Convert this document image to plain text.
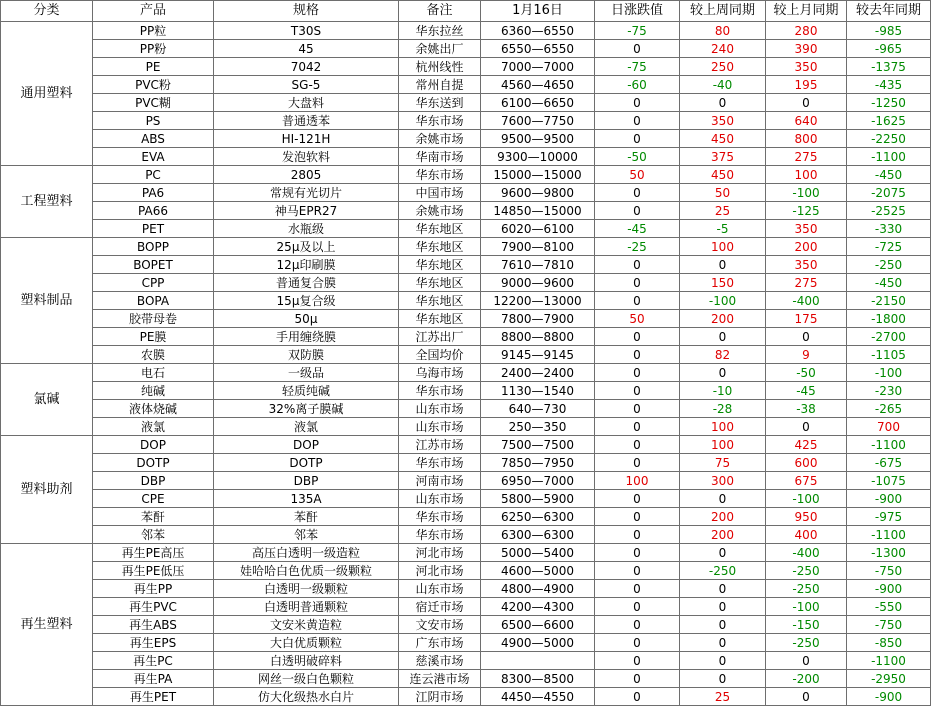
分类	产品	规格	备注	1月16日	日涨跌值	较上周同期	较上月同期	较去年同期
通用塑料	PP粒	T30S	华东拉丝	6360—6550	-75	80	280	-985
	PP粉	45	余姚出厂	6550—6550	0	240	390	-965
	PE	7042	杭州线性	7000—7000	-75	250	350	-1375
	PVC粉	SG-5	常州自提	4560—4650	-60	-40	195	-435
	PVC糊	大盘料	华东送到	6100—6650	0	0	0	-1250
	PS	普通透苯	华东市场	7600—7750	0	350	640	-1625
	ABS	HI-121H	余姚市场	9500—9500	0	450	800	-2250
	EVA	发泡软料	华南市场	9300—10000	-50	375	275	-1100
工程塑料	PC	2805	华东市场	15000—15000	50	450	100	-450
	PA6	常规有光切片	中国市场	9600—9800	0	50	-100	-2075
	PA66	神马EPR27	余姚市场	14850—15000	0	25	-125	-2525
	PET	水瓶级	华东地区	6020—6100	-45	-5	350	-330
塑料制品	BOPP	25μ及以上	华东地区	7900—8100	-25	100	200	-725
	BOPET	12μ印刷膜	华东地区	7610—7810	0	0	350	-250
	CPP	普通复合膜	华东地区	9000—9600	0	150	275	-450
	BOPA	15μ复合级	华东地区	12200—13000	0	-100	-400	-2150
	胶带母卷	50μ	华东地区	7800—7900	50	200	175	-1800
	PE膜	手用缠绕膜	江苏出厂	8800—8800	0	0	0	-2700
	农膜	双防膜	全国均价	9145—9145	0	82	9	-1105
氯碱	电石	一级品	乌海市场	2400—2400	0	0	-50	-100
	纯碱	轻质纯碱	华东市场	1130—1540	0	-10	-45	-230
	液体烧碱	32%离子膜碱	山东市场	640—730	0	-28	-38	-265
	液氯	液氯	山东市场	250—350	0	100	0	700
塑料助剂	DOP	DOP	江苏市场	7500—7500	0	100	425	-1100
	DOTP	DOTP	华东市场	7850—7950	0	75	600	-675
	DBP	DBP	河南市场	6950—7000	100	300	675	-1075
	CPE	135A	山东市场	5800—5900	0	0	-100	-900
	苯酐	苯酐	华东市场	6250—6300	0	200	950	-975
	邻苯	邻苯	华东市场	6300—6300	0	200	400	-1100
再生塑料	再生PE高压	高压白透明一级造粒	河北市场	5000—5400	0	0	-400	-1300
	再生PE低压	娃哈哈白色优质一级颗粒	河北市场	4600—5000	0	-250	-250	-750
	再生PP	白透明一级颗粒	山东市场	4800—4900	0	0	-250	-900
	再生PVC	白透明普通颗粒	宿迁市场	4200—4300	0	0	-100	-550
	再生ABS	文安米黄造粒	文安市场	6500—6600	0	0	-150	-750
	再生EPS	大白优质颗粒	广东市场	4900—5000	0	0	-250	-850
	再生PC	白透明破碎料	慈溪市场		0	0	0	-1100
	再生PA	网丝一级白色颗粒	连云港市场	8300—8500	0	0	-200	-2950
	再生PET	仿大化级热水白片	江阴市场	4450—4550	0	25	0	-900
